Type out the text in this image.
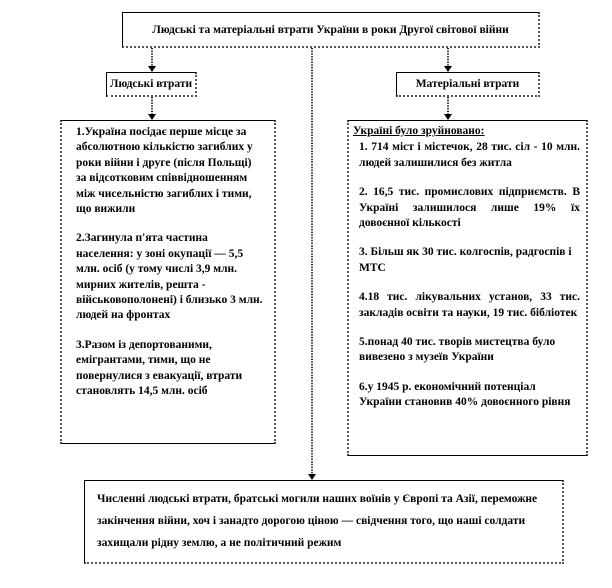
Людські та матеріальні втрати України в роки Другої світової війни
Людські втрати	Матеріальні втрати

1.Україна посідає перше місце за абсолютною кількістю загиблих у роки війни і друге (після Польщі) за відсотковим співвідношенням між чисельністю загиблих і тими, що вижили

2.Загинула п'ята частина населення: у зоні окупації — 5,5 млн. осіб (у тому числі 3,9 млн. мирних жителів, решта - військовополонені) і близько 3 млн. людей на фронтах

3.Разом із депортованими, емігрантами, тими, що не повернулися з евакуації, втрати становлять 14,5 млн. осіб

Україні було зруйновано:

1. 714 міст і містечок, 28 тис. сіл - 10 млн. людей залишилися без житла

2. 16,5 тис. промислових підприємств. В Україні залишилося лише 19% їх довоєнної кількості

3. Більш як 30 тис. колгоспів, радгоспів і МТС

4.18 тис. лікувальних установ, 33 тис. закладів освіти та науки, 19 тис. бібліотек

5.понад 40 тис. творів мистецтва було вивезено з музеїв України

6.у 1945 р. економічний потенціал України становив 40% довоєнного рівня

Численні людські втрати, братські могили наших воїнів у Європі та Азії, переможне закінчення війни, хоч і занадто дорогою ціною — свідчення того, що наші солдати захищали рідну землю, а не політичний режим
